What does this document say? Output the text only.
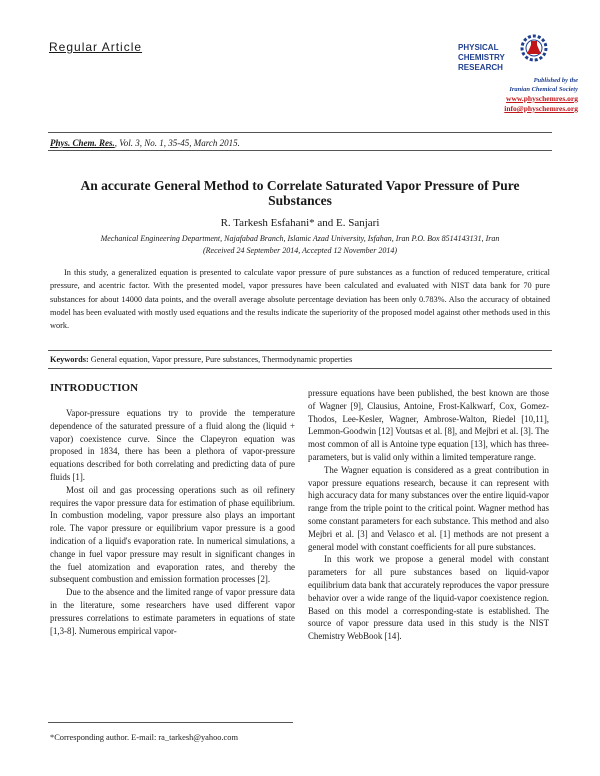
Regular Article	PHYSICAL
CHEMISTRY
RESEARCH
Published by the
Iranian Chemical Society
www.physchemres.org
info@physchemres.org
Phys. Chem. Res., Vol. 3, No. 1, 35-45, March 2015.
An accurate General Method to Correlate Saturated Vapor Pressure of Pure Substances
R. Tarkesh Esfahani* and E. Sanjari
Mechanical Engineering Department, Najafabad Branch, Islamic Azad University, Isfahan, Iran P.O. Box 8514143131, Iran
(Received 24 September 2014, Accepted 12 November 2014)
In this study, a generalized equation is presented to calculate vapor pressure of pure substances as a function of reduced temperature, critical pressure, and acentric factor. With the presented model, vapor pressures have been calculated and evaluated with NIST data bank for 70 pure substances for about 14000 data points, and the overall average absolute percentage deviation has been only 0.783%. Also the accuracy of obtained model has been evaluated with mostly used equations and the results indicate the superiority of the proposed model against other methods used in this work.
Keywords: General equation, Vapor pressure, Pure substances, Thermodynamic properties
INTRODUCTION

Vapor-pressure equations try to provide the temperature dependence of the saturated pressure of a fluid along the (liquid + vapor) coexistence curve. Since the Clapeyron equation was proposed in 1834, there has been a plethora of vapor-pressure equations described for both correlating and predicting data of pure fluids [1].

Most oil and gas processing operations such as oil refinery requires the vapor pressure data for estimation of phase equilibrium. In combustion modeling, vapor pressure also plays an important role. The vapor pressure or equilibrium vapor pressure is a good indication of a liquid's evaporation rate. In numerical simulations, a change in fuel vapor pressure may result in significant changes in the fuel atomization and evaporation rates, and thereby the subsequent combustion and emission formation processes [2].

Due to the absence and the limited range of vapor pressure data in the literature, some researchers have used different vapor pressures correlations to estimate parameters in equations of state [1,3-8]. Numerous empirical vapor-

pressure equations have been published, the best known are those of Wagner [9], Clausius, Antoine, Frost-Kalkwarf, Cox, Gomez-Thodos, Lee-Kesler, Wagner, Ambrose-Walton, Riedel [10,11], Lemmon-Goodwin [12] Voutsas et al. [8], and Mejbri et al. [3]. The most common of all is Antoine type equation [13], which has three-parameters, but is valid only within a limited temperature range.

The Wagner equation is considered as a great contribution in vapor pressure equations research, because it can represent with high accuracy data for many substances over the entire liquid-vapor range from the triple point to the critical point. Wagner method has some constant parameters for each substance. This method and also Mejbri et al. [3] and Velasco et al. [1] methods are not present a general model with constant coefficients for all pure substances.

In this work we propose a general model with constant parameters for all pure substances based on liquid-vapor equilibrium data bank that accurately reproduces the vapor pressure behavior over a wide range of the liquid-vapor coexistence region. Based on this model a corresponding-state is established. The source of vapor pressure data used in this study is the NIST Chemistry WebBook [14].

*Corresponding author. E-mail: ra_tarkesh@yahoo.com
